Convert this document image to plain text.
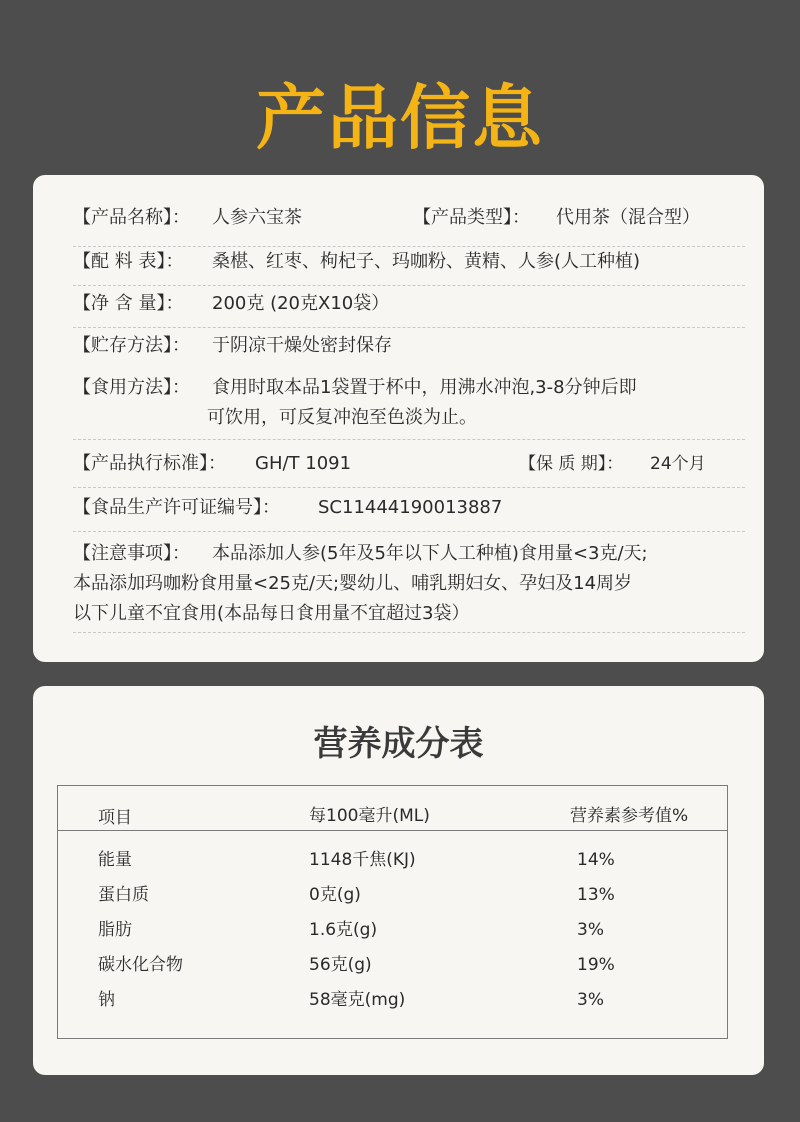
产品信息
【产品名称】： 人参六宝茶	【产品类型】： 代用茶（混合型）
【配 料 表】： 桑椹、红枣、枸杞子、玛咖粉、黄精、人参(人工种植)
【净 含 量】： 200克 (20克X10袋）
【贮存方法】： 于阴凉干燥处密封保存
【食用方法】： 食用时取本品1袋置于杯中，用沸水冲泡,3-8分钟后即
可饮用，可反复冲泡至色淡为止。
【产品执行标准】： GH/T 1091	【保 质 期】： 24个月
【食品生产许可证编号】： SC11444190013887
【注意事项】： 本品添加人参(5年及5年以下人工种植)食用量<3克/天;
本品添加玛咖粉食用量<25克/天;婴幼儿、哺乳期妇女、孕妇及14周岁
以下儿童不宜食用(本品每日食用量不宜超过3袋）
营养成分表
项目	每100毫升(ML)	营养素参考值%
能量	1148千焦(KJ)	14%
蛋白质	0克(g)	13%
脂肪	1.6克(g)	3%
碳水化合物	56克(g)	19%
钠	58毫克(mg)	3%
